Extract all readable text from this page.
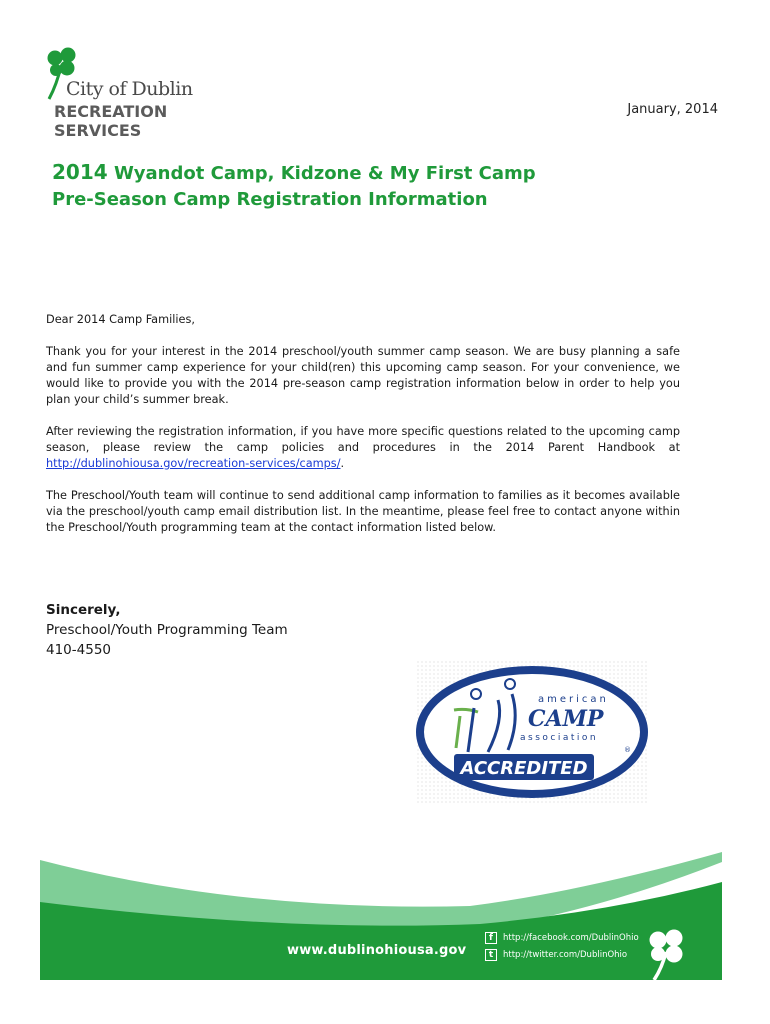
City of Dublin
RECREATION
SERVICES
January, 2014
2014 Wyandot Camp, Kidzone & My First Camp
Pre-Season Camp Registration Information

Dear 2014 Camp Families,

Thank you for your interest in the 2014 preschool/youth summer camp season. We are busy planning a safe and fun summer camp experience for your child(ren) this upcoming camp season. For your convenience, we would like to provide you with the 2014 pre-season camp registration information below in order to help you plan your child’s summer break.

After reviewing the registration information, if you have more specific questions related to the upcoming camp season, please review the camp policies and procedures in the 2014 Parent Handbook at http://dublinohiousa.gov/recreation-services/camps/.

The Preschool/Youth team will continue to send additional camp information to families as it becomes available via the preschool/youth camp email distribution list. In the meantime, please feel free to contact anyone within the Preschool/Youth programming team at the contact information listed below.

Sincerely,
Preschool/Youth Programming Team
410-4550
american
CAMP
association
®
ACCREDITED
www.dublinohiousa.gov
f	http://facebook.com/DublinOhio
t	http://twitter.com/DublinOhio
